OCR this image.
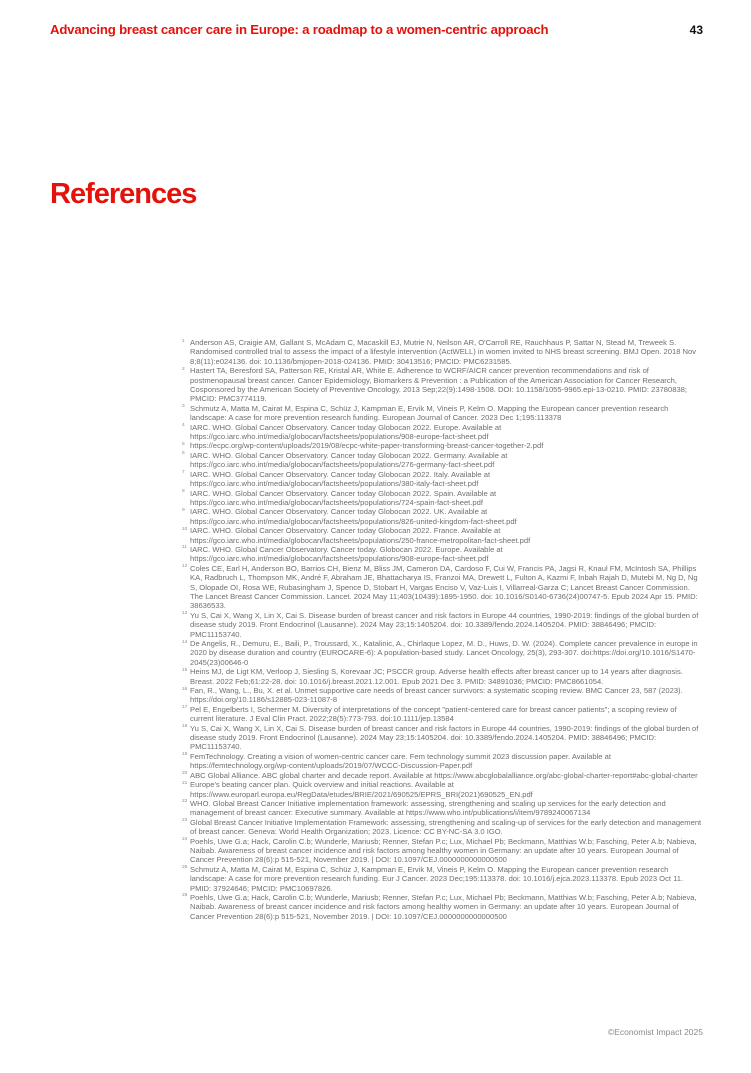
Advancing breast cancer care in Europe: a roadmap to a women-centric approach	43
References
1 Anderson AS, Craigie AM, Gallant S, McAdam C, Macaskill EJ, Mutrie N, Neilson AR, O'Carroll RE, Rauchhaus P, Sattar N, Stead M, Treweek S. Randomised controlled trial to assess the impact of a lifestyle intervention (ActWELL) in women invited to NHS breast screening. BMJ Open. 2018 Nov 8;8(11):e024136. doi: 10.1136/bmjopen-2018-024136. PMID: 30413516; PMCID: PMC6231585.
2 Hastert TA, Beresford SA, Patterson RE, Kristal AR, White E. Adherence to WCRF/AICR cancer prevention recommendations and risk of postmenopausal breast cancer. Cancer Epidemiology, Biomarkers & Prevention : a Publication of the American Association for Cancer Research, Cosponsored by the American Society of Preventive Oncology. 2013 Sep;22(9):1498-1508. DOI: 10.1158/1055-9965.epi-13-0210. PMID: 23780838; PMCID: PMC3774119.
3 Schmutz A, Matta M, Cairat M, Espina C, Schüz J, Kampman E, Ervik M, Vineis P, Kelm O. Mapping the European cancer prevention research landscape: A case for more prevention research funding. European Journal of Cancer. 2023 Dec 1;195:113378
4 IARC. WHO. Global Cancer Observatory. Cancer today Globocan 2022. Europe. Available at https://gco.iarc.who.int/media/globocan/factsheets/populations/908-europe-fact-sheet.pdf
5 https://ecpc.org/wp-content/uploads/2019/08/ecpc-white-paper-transforming-breast-cancer-together-2.pdf
6 IARC. WHO. Global Cancer Observatory. Cancer today Globocan 2022. Germany. Available at https://gco.iarc.who.int/media/globocan/factsheets/populations/276-germany-fact-sheet.pdf
7 IARC. WHO. Global Cancer Observatory. Cancer today Globocan 2022. Italy. Available at https://gco.iarc.who.int/media/globocan/factsheets/populations/380-italy-fact-sheet.pdf
8 IARC. WHO. Global Cancer Observatory. Cancer today Globocan 2022. Spain. Available at https://gco.iarc.who.int/media/globocan/factsheets/populations/724-spain-fact-sheet.pdf
9 IARC. WHO. Global Cancer Observatory. Cancer today Globocan 2022. UK. Available at https://gco.iarc.who.int/media/globocan/factsheets/populations/826-united-kingdom-fact-sheet.pdf
10 IARC. WHO. Global Cancer Observatory. Cancer today Globocan 2022. France. Available at https://gco.iarc.who.int/media/globocan/factsheets/populations/250-france-metropolitan-fact-sheet.pdf
11 IARC. WHO. Global Cancer Observatory. Cancer today. Globocan 2022. Europe. Available at https://gco.iarc.who.int/media/globocan/factsheets/populations/908-europe-fact-sheet.pdf
12 Coles CE, Earl H, Anderson BO, Barrios CH, Bienz M, Bliss JM, Cameron DA, Cardoso F, Cui W, Francis PA, Jagsi R, Knaul FM, McIntosh SA, Phillips KA, Radbruch L, Thompson MK, André F, Abraham JE, Bhattacharya IS, Franzoi MA, Drewett L, Fulton A, Kazmi F, Inbah Rajah D, Mutebi M, Ng D, Ng S, Olopade OI, Rosa WE, Rubasingham J, Spence D, Stobart H, Vargas Enciso V, Vaz-Luis I, Villarreal-Garza C; Lancet Breast Cancer Commission. The Lancet Breast Cancer Commission. Lancet. 2024 May 11;403(10439):1895-1950. doi: 10.1016/S0140-6736(24)00747-5. Epub 2024 Apr 15. PMID: 38636533.
13 Yu S, Cai X, Wang X, Lin X, Cai S. Disease burden of breast cancer and risk factors in Europe 44 countries, 1990-2019: findings of the global burden of disease study 2019. Front Endocrinol (Lausanne). 2024 May 23;15:1405204. doi: 10.3389/fendo.2024.1405204. PMID: 38846496; PMCID: PMC11153740.
14 De Angelis, R., Demuru, E., Baili, P., Troussard, X., Katalinic, A., Chirlaque Lopez, M. D., Huws, D. W. (2024). Complete cancer prevalence in europe in 2020 by disease duration and country (EUROCARE-6): A population-based study. Lancet Oncology, 25(3), 293-307. doi:https://doi.org/10.1016/S1470-2045(23)00646-0
15 Heins MJ, de Ligt KM, Verloop J, Siesling S, Korevaar JC; PSCCR group. Adverse health effects after breast cancer up to 14 years after diagnosis. Breast. 2022 Feb;61:22-28. doi: 10.1016/j.breast.2021.12.001. Epub 2021 Dec 3. PMID: 34891036; PMCID: PMC8661054.
16 Fan, R., Wang, L., Bu, X. et al. Unmet supportive care needs of breast cancer survivors: a systematic scoping review. BMC Cancer 23, 587 (2023). https://doi.org/10.1186/s12885-023-11087-8
17 Pel E, Engelberts I, Schermer M. Diversity of interpretations of the concept "patient-centered care for breast cancer patients"; a scoping review of current literature. J Eval Clin Pract. 2022;28(5):773-793. doi:10.1111/jep.13584
18 Yu S, Cai X, Wang X, Lin X, Cai S. Disease burden of breast cancer and risk factors in Europe 44 countries, 1990-2019: findings of the global burden of disease study 2019. Front Endocrinol (Lausanne). 2024 May 23;15:1405204. doi: 10.3389/fendo.2024.1405204. PMID: 38846496; PMCID: PMC11153740.
19 FemTechnology. Creating a vision of women-centric cancer care. Fem technology summit 2023 discussion paper. Available at https://femtechnology.org/wp-content/uploads/2019/07/WCCC-Discussion-Paper.pdf
20 ABC Global Alliance. ABC global charter and decade report. Available at https://www.abcglobalalliance.org/abc-global-charter-report#abc-global-charter
21 Europe's beating cancer plan. Quick overview and initial reactions. Available at https://www.europarl.europa.eu/RegData/etudes/BRIE/2021/690525/EPRS_BRI(2021)690525_EN.pdf
22 WHO. Global Breast Cancer Initiative implementation framework: assessing, strengthening and scaling up services for the early detection and management of breast cancer: Executive summary. Available at https://www.who.int/publications/i/item/9789240067134
23 Global Breast Cancer Initiative Implementation Framework: assessing, strengthening and scaling-up of services for the early detection and management of breast cancer. Geneva: World Health Organization; 2023. Licence: CC BY-NC-SA 3.0 IGO.
24 Poehls, Uwe G.a; Hack, Carolin C.b; Wunderle, Mariusb; Renner, Stefan P.c; Lux, Michael Pb; Beckmann, Matthias W.b; Fasching, Peter A.b; Nabieva, Naibab. Awareness of breast cancer incidence and risk factors among healthy women in Germany: an update after 10 years. European Journal of Cancer Prevention 28(6):p 515-521, November 2019. | DOI: 10.1097/CEJ.0000000000000500
25 Schmutz A, Matta M, Cairat M, Espina C, Schüz J, Kampman E, Ervik M, Vineis P, Kelm O. Mapping the European cancer prevention research landscape: A case for more prevention research funding. Eur J Cancer. 2023 Dec;195:113378. doi: 10.1016/j.ejca.2023.113378. Epub 2023 Oct 11. PMID: 37924646; PMCID: PMC10697826.
26 Poehls, Uwe G.a; Hack, Carolin C.b; Wunderle, Mariusb; Renner, Stefan P.c; Lux, Michael Pb; Beckmann, Matthias W.b; Fasching, Peter A.b; Nabieva, Naibab. Awareness of breast cancer incidence and risk factors among healthy women in Germany: an update after 10 years. European Journal of Cancer Prevention 28(6):p 515-521, November 2019. | DOI: 10.1097/CEJ.0000000000000500
©Economist Impact 2025
